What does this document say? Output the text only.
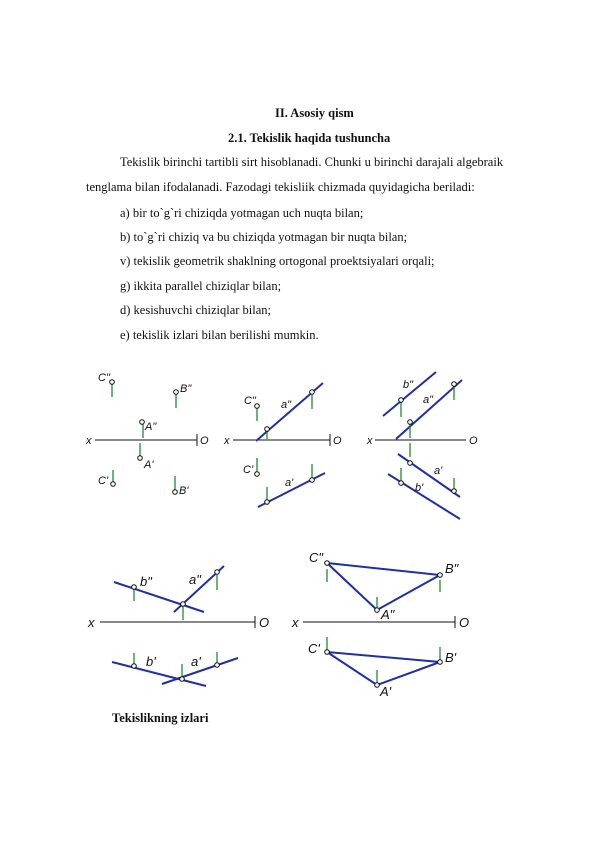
II. Asosiy qism
2.1. Tekislik haqida tushuncha
Tekislik birinchi tartibli sirt hisoblanadi. Chunki u birinchi darajali algebraik
tenglama bilan ifodalanadi. Fazodagi tekisliik chizmada quyidagicha beriladi:
a) bir to`g`ri chiziqda yotmagan uch nuqta bilan;
b) to`g`ri chiziq va bu chiziqda yotmagan bir nuqta bilan;
v) tekislik geometrik shaklning ortogonal proektsiyalari orqali;
g) ikkita parallel chiziqlar bilan;
d) kesishuvchi chiziqlar bilan;
e) tekislik izlari bilan berilishi mumkin.
x	O
C"
B"
A"
A'
C'
B'
x	O
C" a"
C'
a'
x	O
b"
a"
a'
b'
x	O
b"	a"
b'	a'
x	O
C"
B"
A"
C'
B'
A'
Tekislikning izlari
